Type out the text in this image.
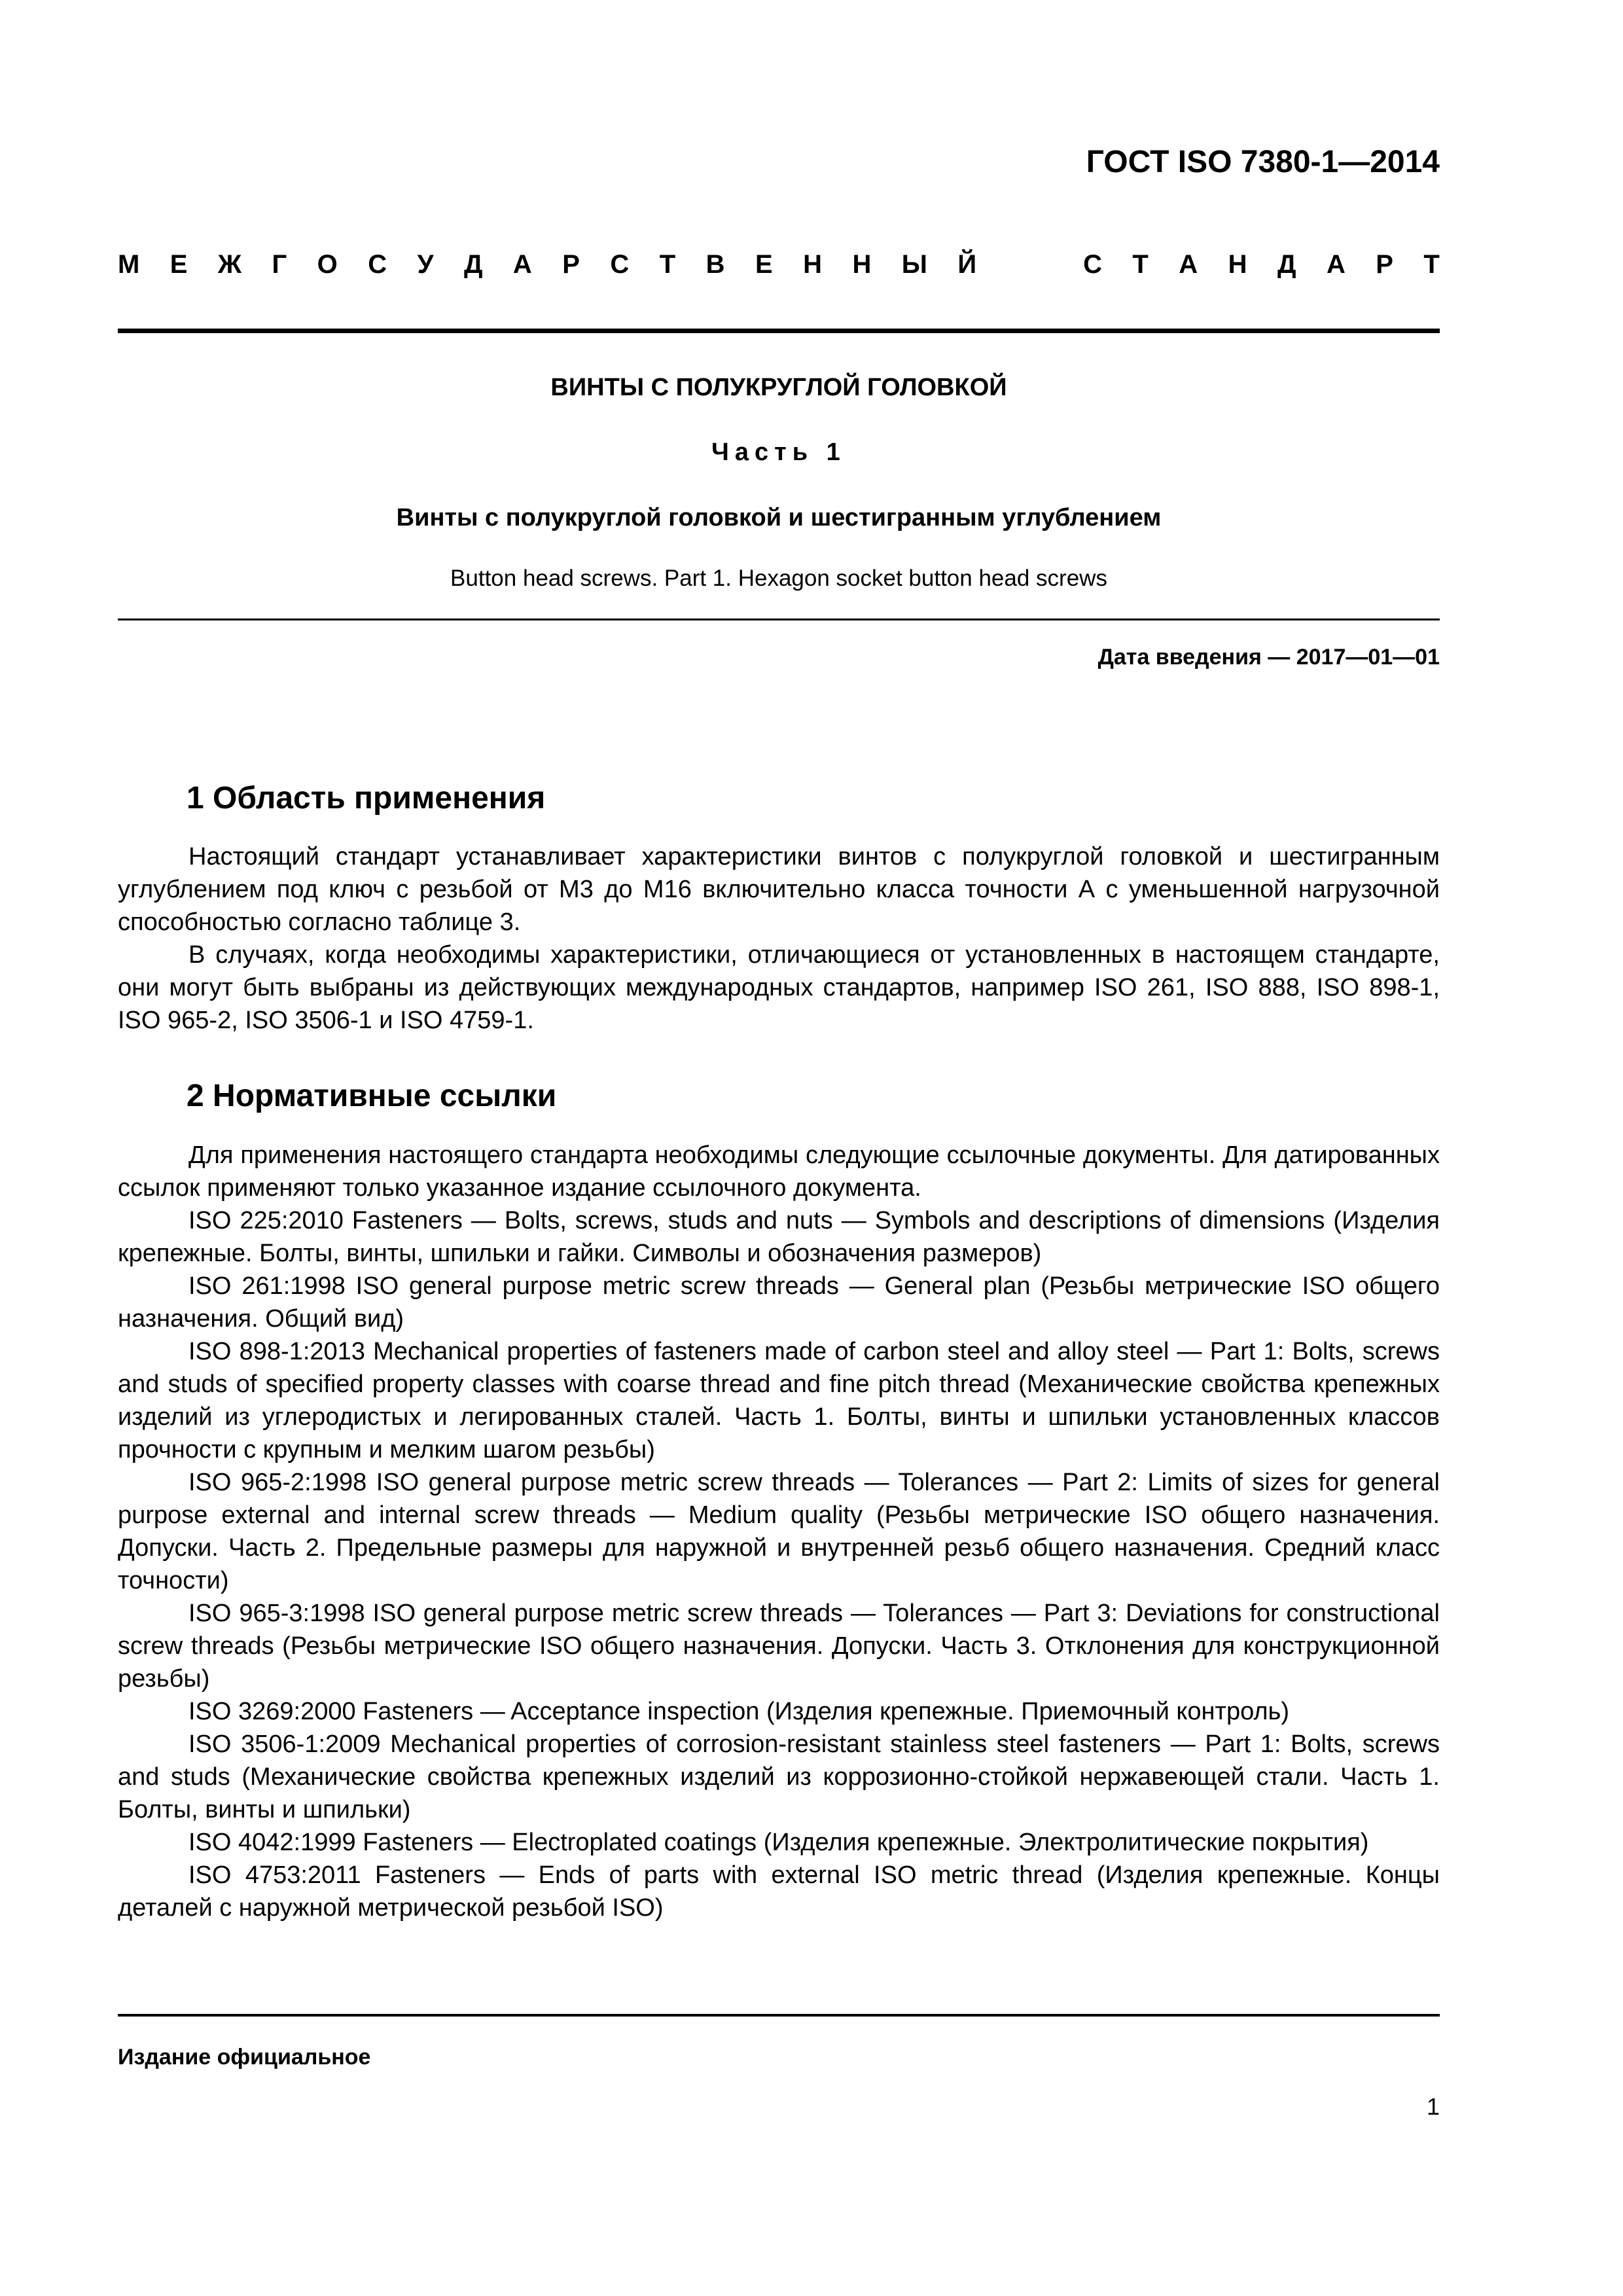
ГОСТ ISO 7380-1—2014
М Е Ж Г О С У Д А Р С Т В Е Н Н Ы Й	С Т А Н Д А Р Т
ВИНТЫ С ПОЛУКРУГЛОЙ ГОЛОВКОЙ
Часть 1
Винты с полукруглой головкой и шестигранным углублением
Button head screws. Part 1. Hexagon socket button head screws
Дата введения — 2017—01—01
1 Область применения

Настоящий стандарт устанавливает характеристики винтов с полукруглой головкой и шестигранным углублением под ключ с резьбой от М3 до М16 включительно класса точности А с уменьшенной нагрузочной способностью согласно таблице 3.

В случаях, когда необходимы характеристики, отличающиеся от установленных в настоящем стандарте, они могут быть выбраны из действующих международных стандартов, например ISO 261, ISO 888, ISO 898-1, ISO 965-2, ISO 3506-1 и ISO 4759-1.

2 Нормативные ссылки

Для применения настоящего стандарта необходимы следующие ссылочные документы. Для датированных ссылок применяют только указанное издание ссылочного документа.

ISO 225:2010 Fasteners — Bolts, screws, studs and nuts — Symbols and descriptions of dimensions (Изделия крепежные. Болты, винты, шпильки и гайки. Символы и обозначения размеров)

ISO 261:1998 ISO general purpose metric screw threads — General plan (Резьбы метрические ISO общего назначения. Общий вид)

ISO 898-1:2013 Mechanical properties of fasteners made of carbon steel and alloy steel — Part 1: Bolts, screws and studs of specified property classes with coarse thread and fine pitch thread (Механические свойства крепежных изделий из углеродистых и легированных сталей. Часть 1. Болты, винты и шпильки установленных классов прочности с крупным и мелким шагом резьбы)

ISO 965-2:1998 ISO general purpose metric screw threads — Tolerances — Part 2: Limits of sizes for general purpose external and internal screw threads — Medium quality (Резьбы метрические ISO общего назначения. Допуски. Часть 2. Предельные размеры для наружной и внутренней резьб общего назначения. Средний класс точности)

ISO 965-3:1998 ISO general purpose metric screw threads — Tolerances — Part 3: Deviations for constructional screw threads (Резьбы метрические ISO общего назначения. Допуски. Часть 3. Отклонения для конструкционной резьбы)

ISO 3269:2000 Fasteners — Acceptance inspection (Изделия крепежные. Приемочный контроль)

ISO 3506-1:2009 Mechanical properties of corrosion-resistant stainless steel fasteners — Part 1: Bolts, screws and studs (Механические свойства крепежных изделий из коррозионно-стойкой нержавеющей стали. Часть 1. Болты, винты и шпильки)

ISO 4042:1999 Fasteners — Electroplated coatings (Изделия крепежные. Электролитические покрытия)

ISO 4753:2011 Fasteners — Ends of parts with external ISO metric thread (Изделия крепежные. Концы деталей с наружной метрической резьбой ISO)

Издание официальное
1
